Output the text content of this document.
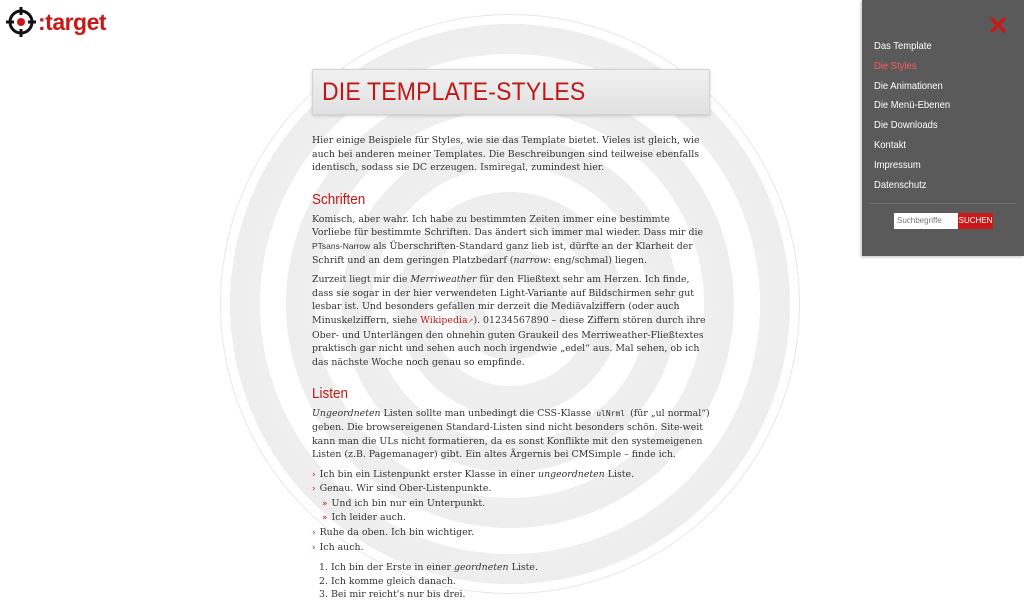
:target
DIE TEMPLATE-STYLES

Hier einige Beispiele für Styles, wie sie das Template bietet. Vieles ist gleich, wie auch bei anderen meiner Templates. Die Beschreibungen sind teilweise ebenfalls identisch, sodass sie DC erzeugen. Ismiregal, zumindest hier.

Schriften

Komisch, aber wahr. Ich habe zu bestimmten Zeiten immer eine bestimmte Vorliebe für bestimmte Schriften. Das ändert sich immer mal wieder. Dass mir die PTsans-Narrow als Überschriften-Standard ganz lieb ist, dürfte an der Klarheit der Schrift und an dem geringen Platzbedarf (narrow: eng/schmal) liegen.

Zurzeit liegt mir die Merriweather für den Fließtext sehr am Herzen. Ich finde, dass sie sogar in der hier verwendeten Light-Variante auf Bildschirmen sehr gut lesbar ist. Und besonders gefallen mir derzeit die Mediävalziffern (oder auch Minuskelziffern, siehe Wikipedia↗). 01234567890 – diese Ziffern stören durch ihre Ober- und Unterlängen den ohnehin guten Graukeil des Merriweather-Fließtextes praktisch gar nicht und sehen auch noch irgendwie „edel“ aus. Mal sehen, ob ich das nächste Woche noch genau so empfinde.

Listen

Ungeordneten Listen sollte man unbedingt die CSS-Klasse ulNrml (für „ul normal“) geben. Die browsereigenen Standard-Listen sind nicht besonders schön. Site-weit kann man die ULs nicht formatieren, da es sonst Konflikte mit den systemeigenen Listen (z.B. Pagemanager) gibt. Ein altes Ärgernis bei CMSimple – finde ich.

› Ich bin ein Listenpunkt erster Klasse in einer ungeordneten Liste.
› Genau. Wir sind Ober-Listenpunkte.
» Und ich bin nur ein Unterpunkt.
» Ich leider auch.
› Ruhe da oben. Ich bin wichtiger.
› Ich auch.
1. Ich bin der Erste in einer geordneten Liste.
2. Ich komme gleich danach.
3. Bei mir reicht's nur bis drei.
Das Template
Die Styles
Die Animationen
Die Menü-Ebenen
Die Downloads
Kontakt
Impressum
Datenschutz
Suchbegriffe
SUCHEN
